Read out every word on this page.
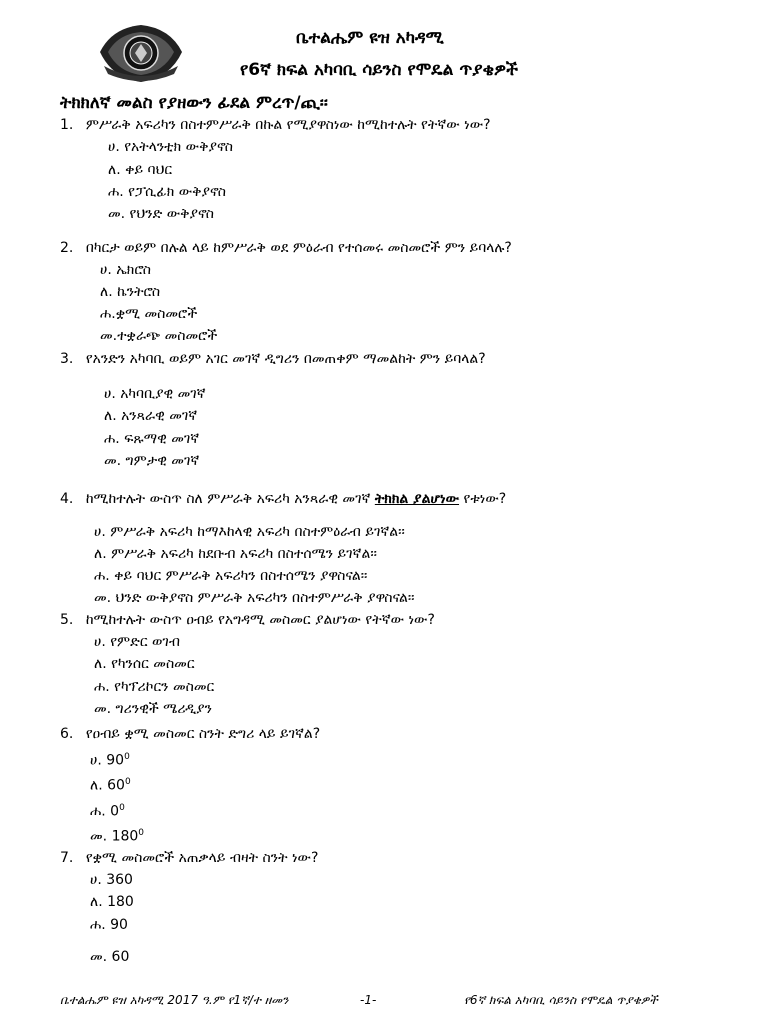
ቤተልሔም ዩዝ አካዳሚ
የ6ኛ ክፍል አካባቢ ሳይንስ የሞዴል ጥያቄዎች
ትክክለኛ መልስ የያዘውን ፊደል ምረጥ/ጪ፡፡
1. ምሥራቅ አፍሪካን በስተምሥራቅ በኩል የሚያዋስነው ከሚከተሉት የትኛው ነው?
ሀ. የአትላንቲክ ውቅያኖስ
ለ. ቀይ ባህር
ሐ. የፓሲፊክ ውቅያኖስ
መ. የህንድ ውቅያኖስ
2. በካርታ ወይም በሉል ላይ ከምሥራቅ ወደ ምዕራብ የተሰመሩ መስመሮች ምን ይባላሉ?
ሀ. ኤክሮስ
ለ. ኬንትሮስ
ሐ.ቋሚ መስመሮች
መ.ተቋራጭ መስመሮች
3. የአንድን አካባቢ ወይም አገር መገኛ ዲግሪን በመጠቀም ማመልከት ምን ይባላል?
ሀ. አካባቢያዊ መገኛ
ለ. አንጻራዊ መገኛ
ሐ. ፍጹማዊ መገኛ
መ. ግምታዊ መገኛ
4. ከሚከተሉት ውስጥ ስለ ምሥራቅ አፍሪካ አንጻራዊ መገኛ ትክክል ያልሆነው የቱነው?
ሀ. ምሥራቅ አፍሪካ ከማእከላዊ አፍሪካ በስተምዕራብ ይገኛል፡፡
ለ. ምሥራቅ አፍሪካ ከደቡብ አፍሪካ በስተሰሜን ይገኛል፡፡
ሐ. ቀይ ባህር ምሥራቅ አፍሪካን በስተሰሜን ያዋስናል፡፡
መ. ህንድ ውቅያኖስ ምሥራቅ አፍሪካን በስተምሥራቅ ያዋስናል፡፡
5. ከሚከተሉት ውስጥ ዐብይ የአግዳሚ መስመር ያልሆነው የትኛው ነው?
ሀ. የምድር ወገብ
ለ. የካንሰር መስመር
ሐ. የካፕሪኮርን መስመር
መ. ግሪንዊች ሜሪዲያን
6. የዐብይ ቋሚ መስመር ስንት ድግሪ ላይ ይገኛል?
ሀ. $90^0$
ለ. $60^0$
ሐ. $0^0$
መ. $180^0$
7. የቋሚ መስመሮች አጠቃላይ ብዛት ስንት ነው?
ሀ. 360
ለ. 180
ሐ. 90
መ. 60
ቤተልሔም ዩዝ አካዳሚ 2017 ዓ.ም የ1ኛ/ተ ዘመን	-1-	የ6ኛ ክፍል አካባቢ ሳይንስ የሞዴል ጥያቄዎች
